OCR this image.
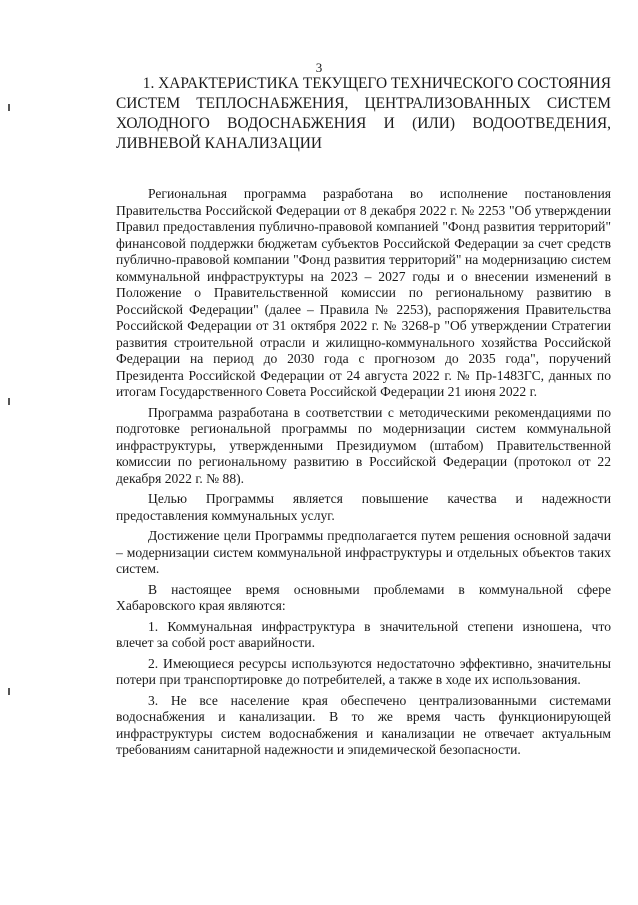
3
1. ХАРАКТЕРИСТИКА ТЕКУЩЕГО ТЕХНИЧЕСКОГО СОСТОЯНИЯ
СИСТЕМ ТЕПЛОСНАБЖЕНИЯ, ЦЕНТРАЛИЗОВАННЫХ СИСТЕМ
ХОЛОДНОГО ВОДОСНАБЖЕНИЯ И (ИЛИ) ВОДООТВЕДЕНИЯ,
ЛИВНЕВОЙ КАНАЛИЗАЦИИ

Региональная программа разработана во исполнение постановления Правительства Российской Федерации от 8 декабря 2022 г. № 2253 "Об утверждении Правил предоставления публично-правовой компанией "Фонд развития территорий" финансовой поддержки бюджетам субъектов Российской Федерации за счет средств публично-правовой компании "Фонд развития территорий" на модернизацию систем коммунальной инфраструктуры на 2023 – 2027 годы и о внесении изменений в Положение о Правительственной комиссии по региональному развитию в Российской Федерации" (далее – Правила № 2253), распоряжения Правительства Российской Федерации от 31 октября 2022 г. № 3268-р "Об утверждении Стратегии развития строительной отрасли и жилищно-коммунального хозяйства Российской Федерации на период до 2030 года с прогнозом до 2035 года", поручений Президента Российской Федерации от 24 августа 2022 г. № Пр-1483ГС, данных по итогам Государственного Совета Российской Федерации 21 июня 2022 г.

Программа разработана в соответствии с методическими рекомендациями по подготовке региональной программы по модернизации систем коммунальной инфраструктуры, утвержденными Президиумом (штабом) Правительственной комиссии по региональному развитию в Российской Федерации (протокол от 22 декабря 2022 г. № 88).

Целью Программы является повышение качества и надежности предоставления коммунальных услуг.

Достижение цели Программы предполагается путем решения основной задачи – модернизации систем коммунальной инфраструктуры и отдельных объектов таких систем.

В настоящее время основными проблемами в коммунальной сфере Хабаровского края являются:

1. Коммунальная инфраструктура в значительной степени изношена, что влечет за собой рост аварийности.

2. Имеющиеся ресурсы используются недостаточно эффективно, значительны потери при транспортировке до потребителей, а также в ходе их использования.

3. Не все население края обеспечено централизованными системами водоснабжения и канализации. В то же время часть функционирующей инфраструктуры систем водоснабжения и канализации не отвечает актуальным требованиям санитарной надежности и эпидемической безопасности.
